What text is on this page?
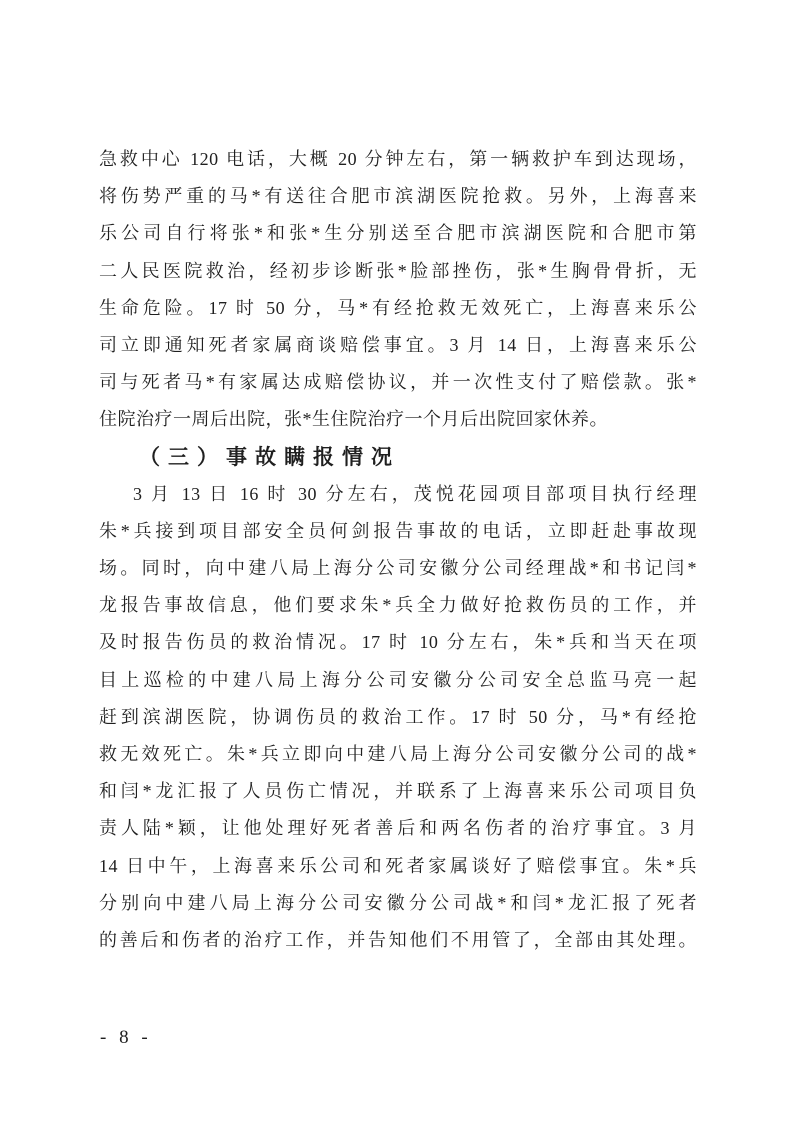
急救中心 120 电话，大概 20 分钟左右，第一辆救护车到达现场，
将伤势严重的马*有送往合肥市滨湖医院抢救。另外，上海喜来
乐公司自行将张*和张*生分别送至合肥市滨湖医院和合肥市第
二人民医院救治，经初步诊断张*脸部挫伤，张*生胸骨骨折，无
生命危险。17 时 50 分，马*有经抢救无效死亡，上海喜来乐公
司立即通知死者家属商谈赔偿事宜。3 月 14 日，上海喜来乐公
司与死者马*有家属达成赔偿协议，并一次性支付了赔偿款。张*
住院治疗一周后出院，张*生住院治疗一个月后出院回家休养。
（三）事故瞒报情况
3 月 13 日 16 时 30 分左右，茂悦花园项目部项目执行经理
朱*兵接到项目部安全员何剑报告事故的电话，立即赶赴事故现
场。同时，向中建八局上海分公司安徽分公司经理战*和书记闫*
龙报告事故信息，他们要求朱*兵全力做好抢救伤员的工作，并
及时报告伤员的救治情况。17 时 10 分左右，朱*兵和当天在项
目上巡检的中建八局上海分公司安徽分公司安全总监马亮一起
赶到滨湖医院，协调伤员的救治工作。17 时 50 分，马*有经抢
救无效死亡。朱*兵立即向中建八局上海分公司安徽分公司的战*
和闫*龙汇报了人员伤亡情况，并联系了上海喜来乐公司项目负
责人陆*颖，让他处理好死者善后和两名伤者的治疗事宜。3 月
14 日中午，上海喜来乐公司和死者家属谈好了赔偿事宜。朱*兵
分别向中建八局上海分公司安徽分公司战*和闫*龙汇报了死者
的善后和伤者的治疗工作，并告知他们不用管了，全部由其处理。
- 8 -
